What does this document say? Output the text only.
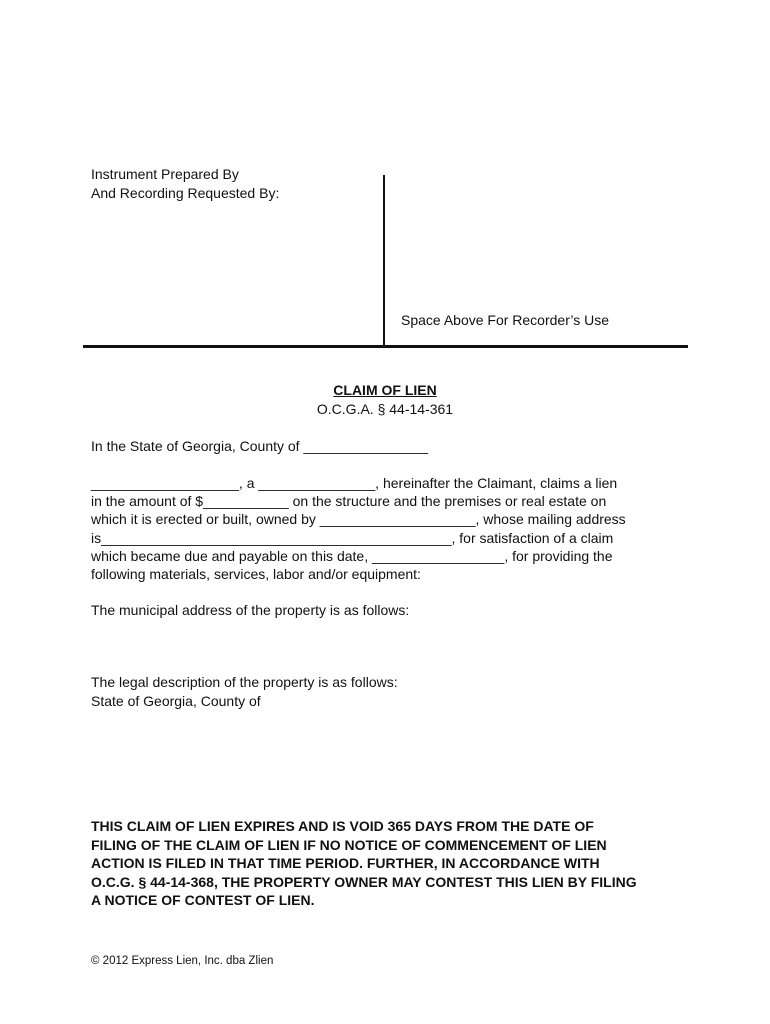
Instrument Prepared By
And Recording Requested By:
Space Above For Recorder’s Use
CLAIM OF LIEN
O.C.G.A. § 44-14-361
In the State of Georgia, County of ________________
___________________, a _______________, hereinafter the Claimant, claims a lien
in the amount of $___________ on the structure and the premises or real estate on
which it is erected or built, owned by ____________________, whose mailing address
is_____________________________________________, for satisfaction of a claim
which became due and payable on this date, _________________, for providing the
following materials, services, labor and/or equipment:
The municipal address of the property is as follows:
The legal description of the property is as follows:
State of Georgia, County of
THIS CLAIM OF LIEN EXPIRES AND IS VOID 365 DAYS FROM THE DATE OF
FILING OF THE CLAIM OF LIEN IF NO NOTICE OF COMMENCEMENT OF LIEN
ACTION IS FILED IN THAT TIME PERIOD. FURTHER, IN ACCORDANCE WITH
O.C.G. § 44-14-368, THE PROPERTY OWNER MAY CONTEST THIS LIEN BY FILING
A NOTICE OF CONTEST OF LIEN.
© 2012 Express Lien, Inc. dba Zlien
